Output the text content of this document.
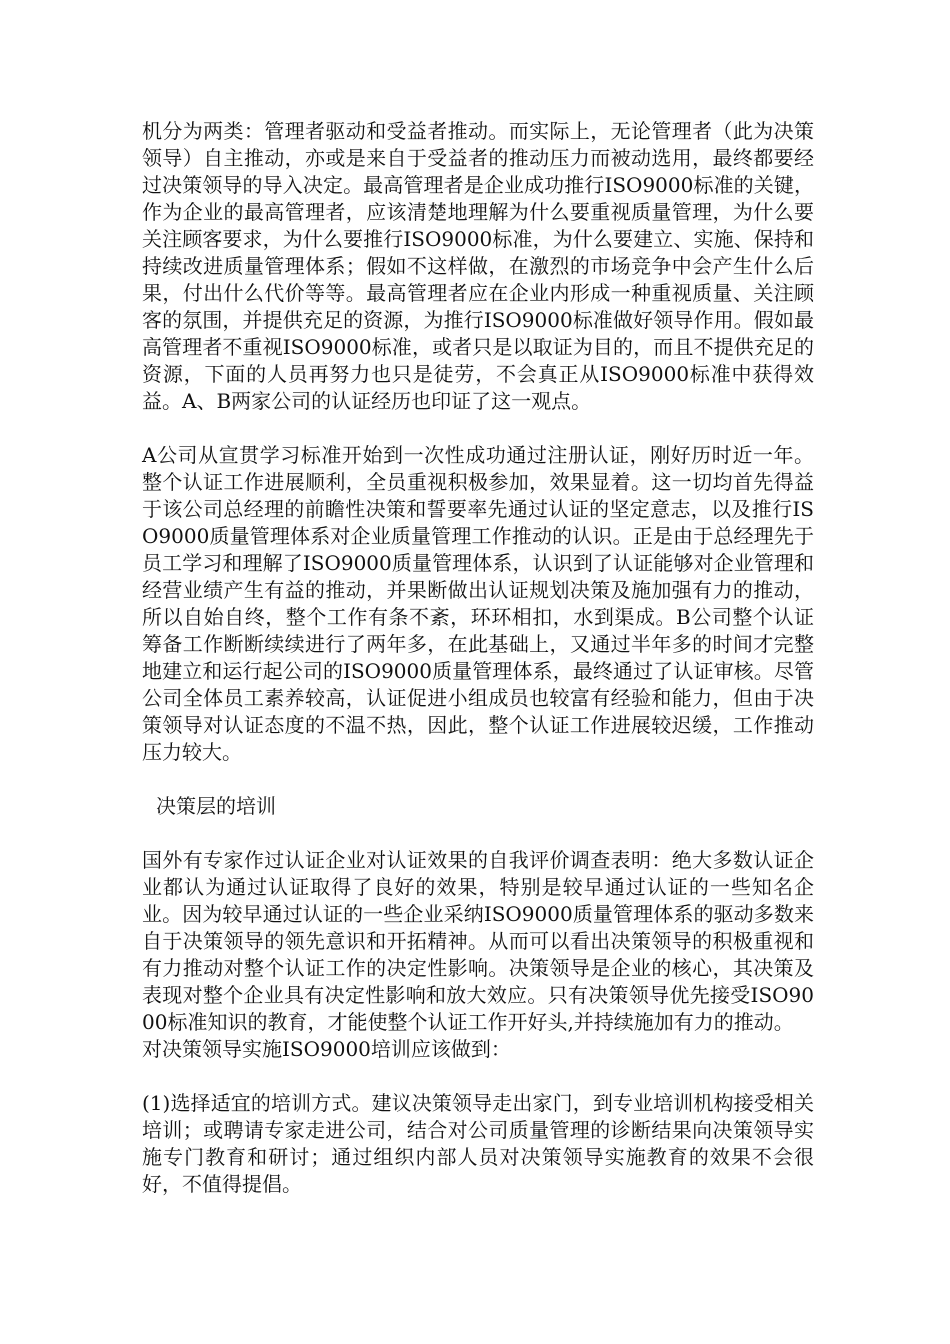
机分为两类：管理者驱动和受益者推动。而实际上，无论管理者（此为决策领导）自主推动，亦或是来自于受益者的推动压力而被动选用，最终都要经过决策领导的导入决定。最高管理者是企业成功推行ISO9000标准的关键，作为企业的最高管理者，应该清楚地理解为什么要重视质量管理，为什么要关注顾客要求，为什么要推行ISO9000标准，为什么要建立、实施、保持和持续改进质量管理体系；假如不这样做，在激烈的市场竞争中会产生什么后果，付出什么代价等等。最高管理者应在企业内形成一种重视质量、关注顾客的氛围，并提供充足的资源，为推行ISO9000标准做好领导作用。假如最高管理者不重视ISO9000标准，或者只是以取证为目的，而且不提供充足的资源，下面的人员再努力也只是徒劳，不会真正从ISO9000标准中获得效益。A、B两家公司的认证经历也印证了这一观点。

A公司从宣贯学习标准开始到一次性成功通过注册认证，刚好历时近一年。整个认证工作进展顺利，全员重视积极参加，效果显着。这一切均首先得益于该公司总经理的前瞻性决策和誓要率先通过认证的坚定意志，以及推行ISO9000质量管理体系对企业质量管理工作推动的认识。正是由于总经理先于员工学习和理解了ISO9000质量管理体系，认识到了认证能够对企业管理和经营业绩产生有益的推动，并果断做出认证规划决策及施加强有力的推动，所以自始自终，整个工作有条不紊，环环相扣，水到渠成。B公司整个认证筹备工作断断续续进行了两年多，在此基础上，又通过半年多的时间才完整地建立和运行起公司的ISO9000质量管理体系，最终通过了认证审核。尽管公司全体员工素养较高，认证促进小组成员也较富有经验和能力，但由于决策领导对认证态度的不温不热，因此，整个认证工作进展较迟缓，工作推动压力较大。

决策层的培训

国外有专家作过认证企业对认证效果的自我评价调查表明：绝大多数认证企业都认为通过认证取得了良好的效果，特别是较早通过认证的一些知名企业。因为较早通过认证的一些企业采纳ISO9000质量管理体系的驱动多数来自于决策领导的领先意识和开拓精神。从而可以看出决策领导的积极重视和有力推动对整个认证工作的决定性影响。决策领导是企业的核心，其决策及表现对整个企业具有决定性影响和放大效应。只有决策领导优先接受ISO9000标准知识的教育，才能使整个认证工作开好头,并持续施加有力的推动。

对决策领导实施ISO9000培训应该做到：

(1)选择适宜的培训方式。建议决策领导走出家门，到专业培训机构接受相关培训；或聘请专家走进公司，结合对公司质量管理的诊断结果向决策领导实施专门教育和研讨；通过组织内部人员对决策领导实施教育的效果不会很好，不值得提倡。
